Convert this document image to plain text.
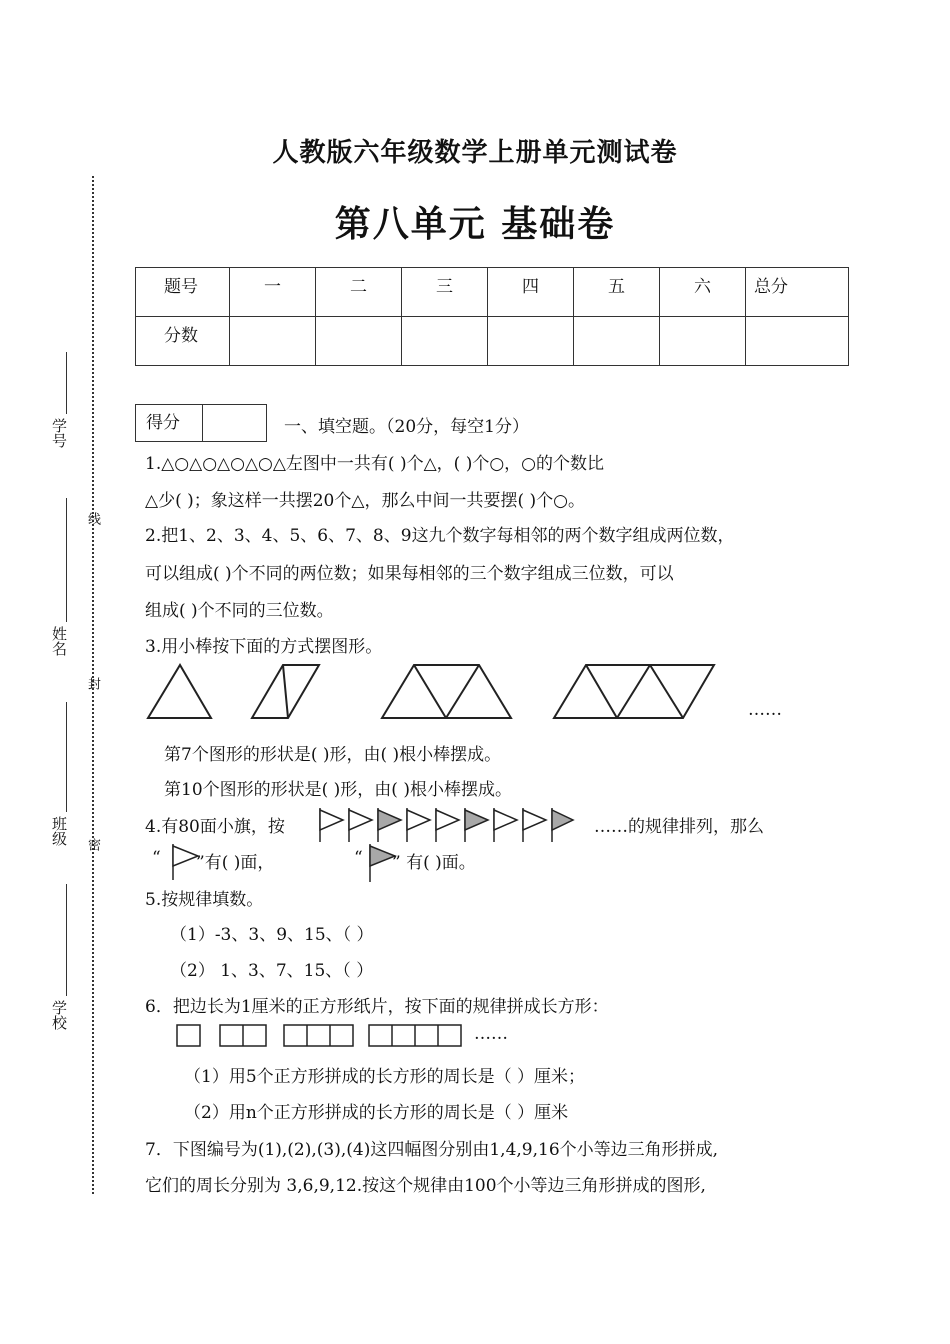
人教版六年级数学上册单元测试卷
第八单元 基础卷
题号	一	二	三	四	五	六	总分
分数							
学号
姓名
班级
学校
线
封
密
得分	一、填空题。（20分，每空1分）
1.△○△○△○△○△左图中一共有( )个△，( )个○，○的个数比
△少( )；象这样一共摆20个△，那么中间一共要摆( )个○。
2.把1、2、3、4、5、6、7、8、9这九个数字每相邻的两个数字组成两位数，
可以组成( )个不同的两位数；如果每相邻的三个数字组成三位数，可以
组成( )个不同的三位数。
3.用小棒按下面的方式摆图形。
……
第7个图形的形状是( )形，由( )根小棒摆成。
第10个图形的形状是( )形，由( )根小棒摆成。
4.有80面小旗，按	……的规律排列，那么
“ ”有( )面，	“ ” 有( )面。
5.按规律填数。
（1）-3、3、9、15、（ ）
（2） 1、3、7、15、（ ）
6．把边长为1厘米的正方形纸片，按下面的规律拼成长方形：
……
（1）用5个正方形拼成的长方形的周长是（ ）厘米；
（2）用n个正方形拼成的长方形的周长是（ ）厘米
7．下图编号为(1),(2),(3),(4)这四幅图分别由1,4,9,16个小等边三角形拼成,
它们的周长分别为 3,6,9,12.按这个规律由100个小等边三角形拼成的图形,
